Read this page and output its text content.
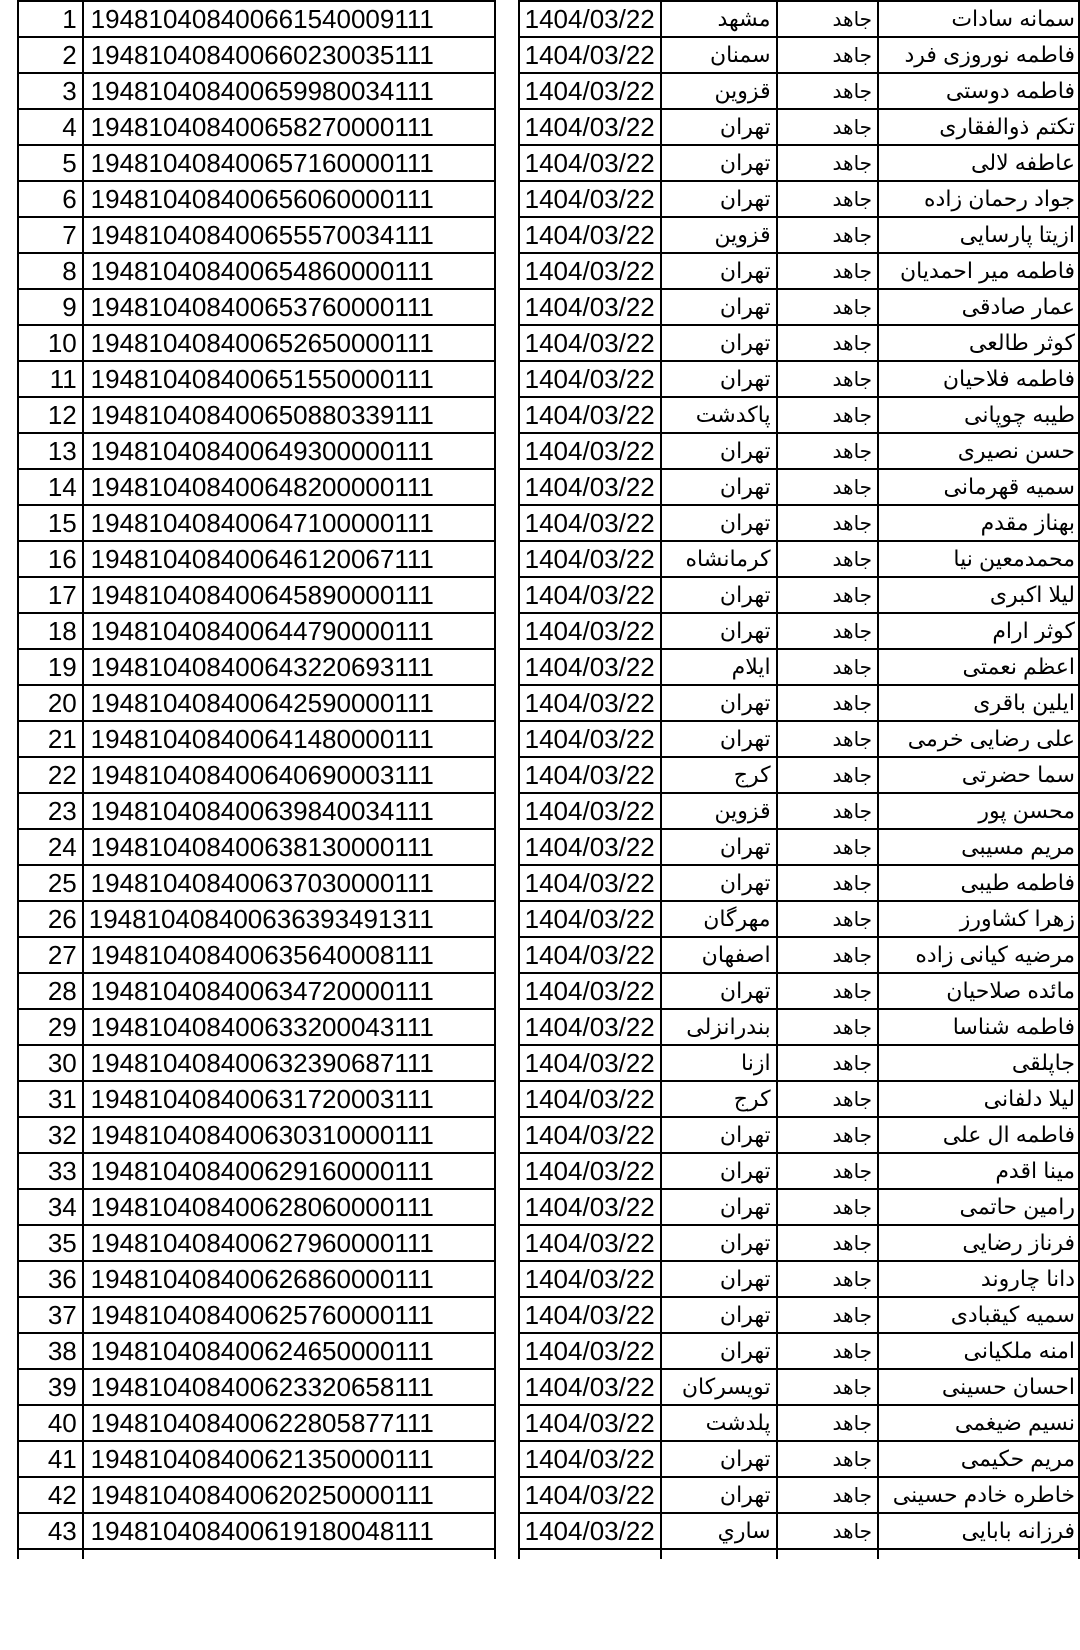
1	194810408400661540009111		1404/03/22	مشهد	جاهد	سمانه سادات
2	194810408400660230035111		1404/03/22	سمنان	جاهد	فاطمه نوروزی فرد
3	194810408400659980034111		1404/03/22	قزوین	جاهد	فاطمه دوستی
4	194810408400658270000111		1404/03/22	تهران	جاهد	تکتم ذوالفقاری
5	194810408400657160000111		1404/03/22	تهران	جاهد	عاطفه لالی
6	194810408400656060000111		1404/03/22	تهران	جاهد	جواد رحمان زاده
7	194810408400655570034111		1404/03/22	قزوین	جاهد	ازیتا پارسایی
8	194810408400654860000111		1404/03/22	تهران	جاهد	فاطمه میر احمدیان
9	194810408400653760000111		1404/03/22	تهران	جاهد	عمار صادقی
10	194810408400652650000111		1404/03/22	تهران	جاهد	کوثر طالعی
11	194810408400651550000111		1404/03/22	تهران	جاهد	فاطمه فلاحیان
12	194810408400650880339111		1404/03/22	پاکدشت	جاهد	طیبه چوپانی
13	194810408400649300000111		1404/03/22	تهران	جاهد	حسن نصیری
14	194810408400648200000111		1404/03/22	تهران	جاهد	سمیه قهرمانی
15	194810408400647100000111		1404/03/22	تهران	جاهد	بهناز مقدم
16	194810408400646120067111		1404/03/22	کرمانشاه	جاهد	محمدمعین نیا
17	194810408400645890000111		1404/03/22	تهران	جاهد	لیلا اکبری
18	194810408400644790000111		1404/03/22	تهران	جاهد	کوثر ارام
19	194810408400643220693111		1404/03/22	ایلام	جاهد	اعظم نعمتی
20	194810408400642590000111		1404/03/22	تهران	جاهد	ایلین باقری
21	194810408400641480000111		1404/03/22	تهران	جاهد	علی رضایی خرمی
22	194810408400640690003111		1404/03/22	کرج	جاهد	سما حضرتی
23	194810408400639840034111		1404/03/22	قزوین	جاهد	محسن پور
24	194810408400638130000111		1404/03/22	تهران	جاهد	مریم مسیبی
25	194810408400637030000111		1404/03/22	تهران	جاهد	فاطمه طیبی
26	194810408400636393491311		1404/03/22	مهرگان	جاهد	زهرا کشاورز
27	194810408400635640008111		1404/03/22	اصفهان	جاهد	مرضیه کیانی زاده
28	194810408400634720000111		1404/03/22	تهران	جاهد	مائده صلاحیان
29	194810408400633200043111		1404/03/22	بندرانزلی	جاهد	فاطمه شناسا
30	194810408400632390687111		1404/03/22	ازنا	جاهد	جاپلقی
31	194810408400631720003111		1404/03/22	کرج	جاهد	لیلا دلفانی
32	194810408400630310000111		1404/03/22	تهران	جاهد	فاطمه ال علی
33	194810408400629160000111		1404/03/22	تهران	جاهد	مینا اقدم
34	194810408400628060000111		1404/03/22	تهران	جاهد	رامین حاتمی
35	194810408400627960000111		1404/03/22	تهران	جاهد	فرناز رضایی
36	194810408400626860000111		1404/03/22	تهران	جاهد	دانا چاروند
37	194810408400625760000111		1404/03/22	تهران	جاهد	سمیه کیقبادی
38	194810408400624650000111		1404/03/22	تهران	جاهد	امنه ملکیانی
39	194810408400623320658111		1404/03/22	تویسرکان	جاهد	احسان حسینی
40	194810408400622805877111		1404/03/22	پلدشت	جاهد	نسیم ضیغمی
41	194810408400621350000111		1404/03/22	تهران	جاهد	مریم حکیمی
42	194810408400620250000111		1404/03/22	تهران	جاهد	خاطره خادم حسینی
43	194810408400619180048111		1404/03/22	ساري	جاهد	فرزانه بابایی
